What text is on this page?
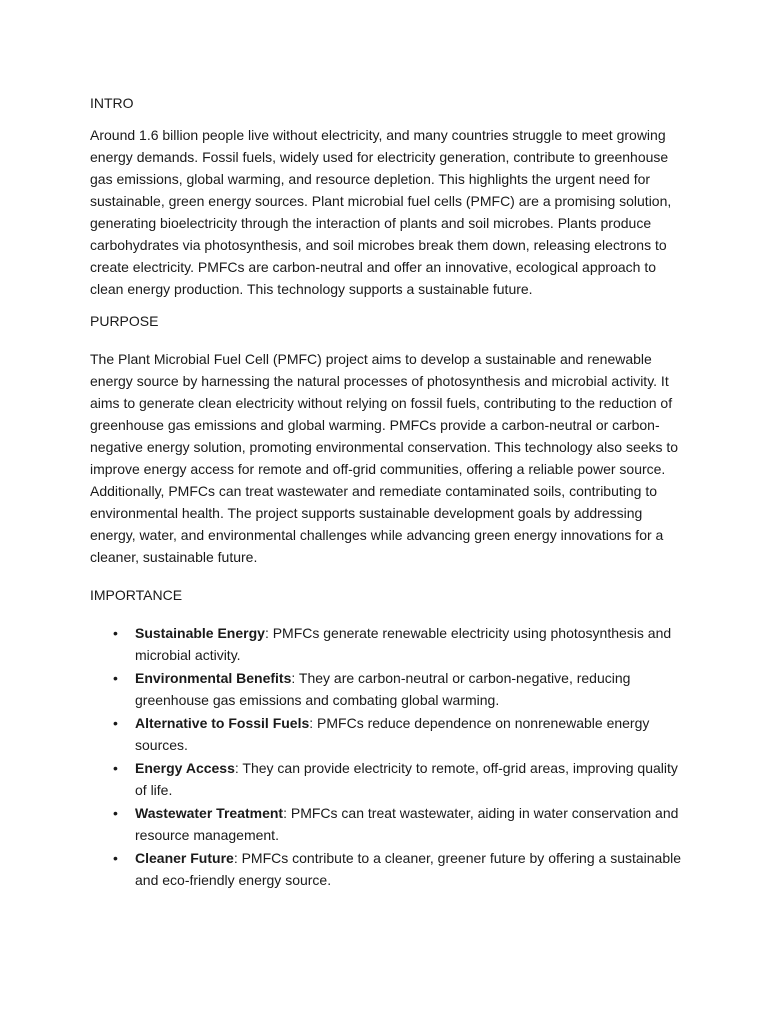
INTRO

Around 1.6 billion people live without electricity, and many countries struggle to meet growing energy demands. Fossil fuels, widely used for electricity generation, contribute to greenhouse gas emissions, global warming, and resource depletion. This highlights the urgent need for sustainable, green energy sources. Plant microbial fuel cells (PMFC) are a promising solution, generating bioelectricity through the interaction of plants and soil microbes. Plants produce carbohydrates via photosynthesis, and soil microbes break them down, releasing electrons to create electricity. PMFCs are carbon-neutral and offer an innovative, ecological approach to clean energy production. This technology supports a sustainable future.

PURPOSE

The Plant Microbial Fuel Cell (PMFC) project aims to develop a sustainable and renewable energy source by harnessing the natural processes of photosynthesis and microbial activity. It aims to generate clean electricity without relying on fossil fuels, contributing to the reduction of greenhouse gas emissions and global warming. PMFCs provide a carbon-neutral or carbon-negative energy solution, promoting environmental conservation. This technology also seeks to improve energy access for remote and off-grid communities, offering a reliable power source. Additionally, PMFCs can treat wastewater and remediate contaminated soils, contributing to environmental health. The project supports sustainable development goals by addressing energy, water, and environmental challenges while advancing green energy innovations for a cleaner, sustainable future.

IMPORTANCE
• Sustainable Energy: PMFCs generate renewable electricity using photosynthesis and microbial activity.
• Environmental Benefits: They are carbon-neutral or carbon-negative, reducing greenhouse gas emissions and combating global warming.
• Alternative to Fossil Fuels: PMFCs reduce dependence on nonrenewable energy sources.
• Energy Access: They can provide electricity to remote, off-grid areas, improving quality of life.
• Wastewater Treatment: PMFCs can treat wastewater, aiding in water conservation and resource management.
• Cleaner Future: PMFCs contribute to a cleaner, greener future by offering a sustainable and eco-friendly energy source.
